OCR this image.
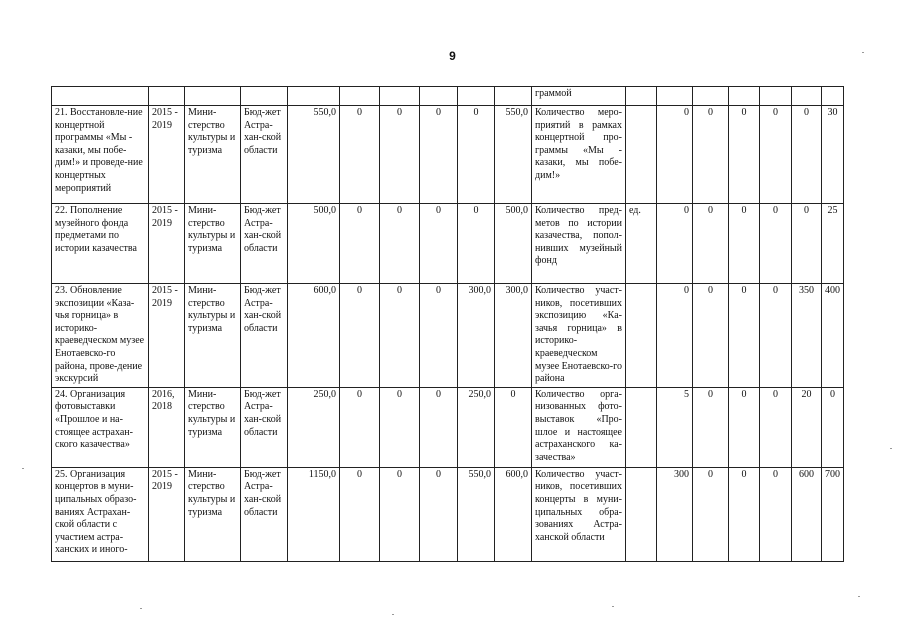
9
										граммой							
21. Восстановле-ние концертной программы «Мы - казаки, мы побе-дим!» и проведе-ние концертных мероприятий	2015 - 2019	Мини-стерство культуры и туризма	Бюд-жет Астра-хан-ской области	550,0	0	0	0	0	550,0	Количество меро-приятий в рамках концертной про-граммы «Мы - казаки, мы побе-дим!»		0	0	0	0	0	30
22. Пополнение музейного фонда предметами по истории казачества	2015 - 2019	Мини-стерство культуры и туризма	Бюд-жет Астра-хан-ской области	500,0	0	0	0	0	500,0	Количество пред-метов по истории казачества, попол-нивших музейный фонд	ед.	0	0	0	0	0	25
23. Обновление экспозиции «Каза-чья горница» в историко-краеведческом музее Енотаевско-го района, прове-дение экскурсий	2015 - 2019	Мини-стерство культуры и туризма	Бюд-жет Астра-хан-ской области	600,0	0	0	0	300,0	300,0	Количество участ-ников, посетивших экспозицию «Ка-зачья горница» в историко-краеведческом музее Енотаевско-го района		0	0	0	0	350	400
24. Организация фотовыставки «Прошлое и на-стоящее астрахан-ского казачества»	2016, 2018	Мини-стерство культуры и туризма	Бюд-жет Астра-хан-ской области	250,0	0	0	0	250,0	0	Количество орга-низованных фото-выставок «Про-шлое и настоящее астраханского ка-зачества»		5	0	0	0	20	0
25. Организация концертов в муни-ципальных образо-ваниях Астрахан-ской области с участием астра-ханских и иного-	2015 - 2019	Мини-стерство культуры и туризма	Бюд-жет Астра-хан-ской области	1150,0	0	0	0	550,0	600,0	Количество участ-ников, посетивших концерты в муни-ципальных обра-зованиях Астра-ханской области		300	0	0	0	600	700
